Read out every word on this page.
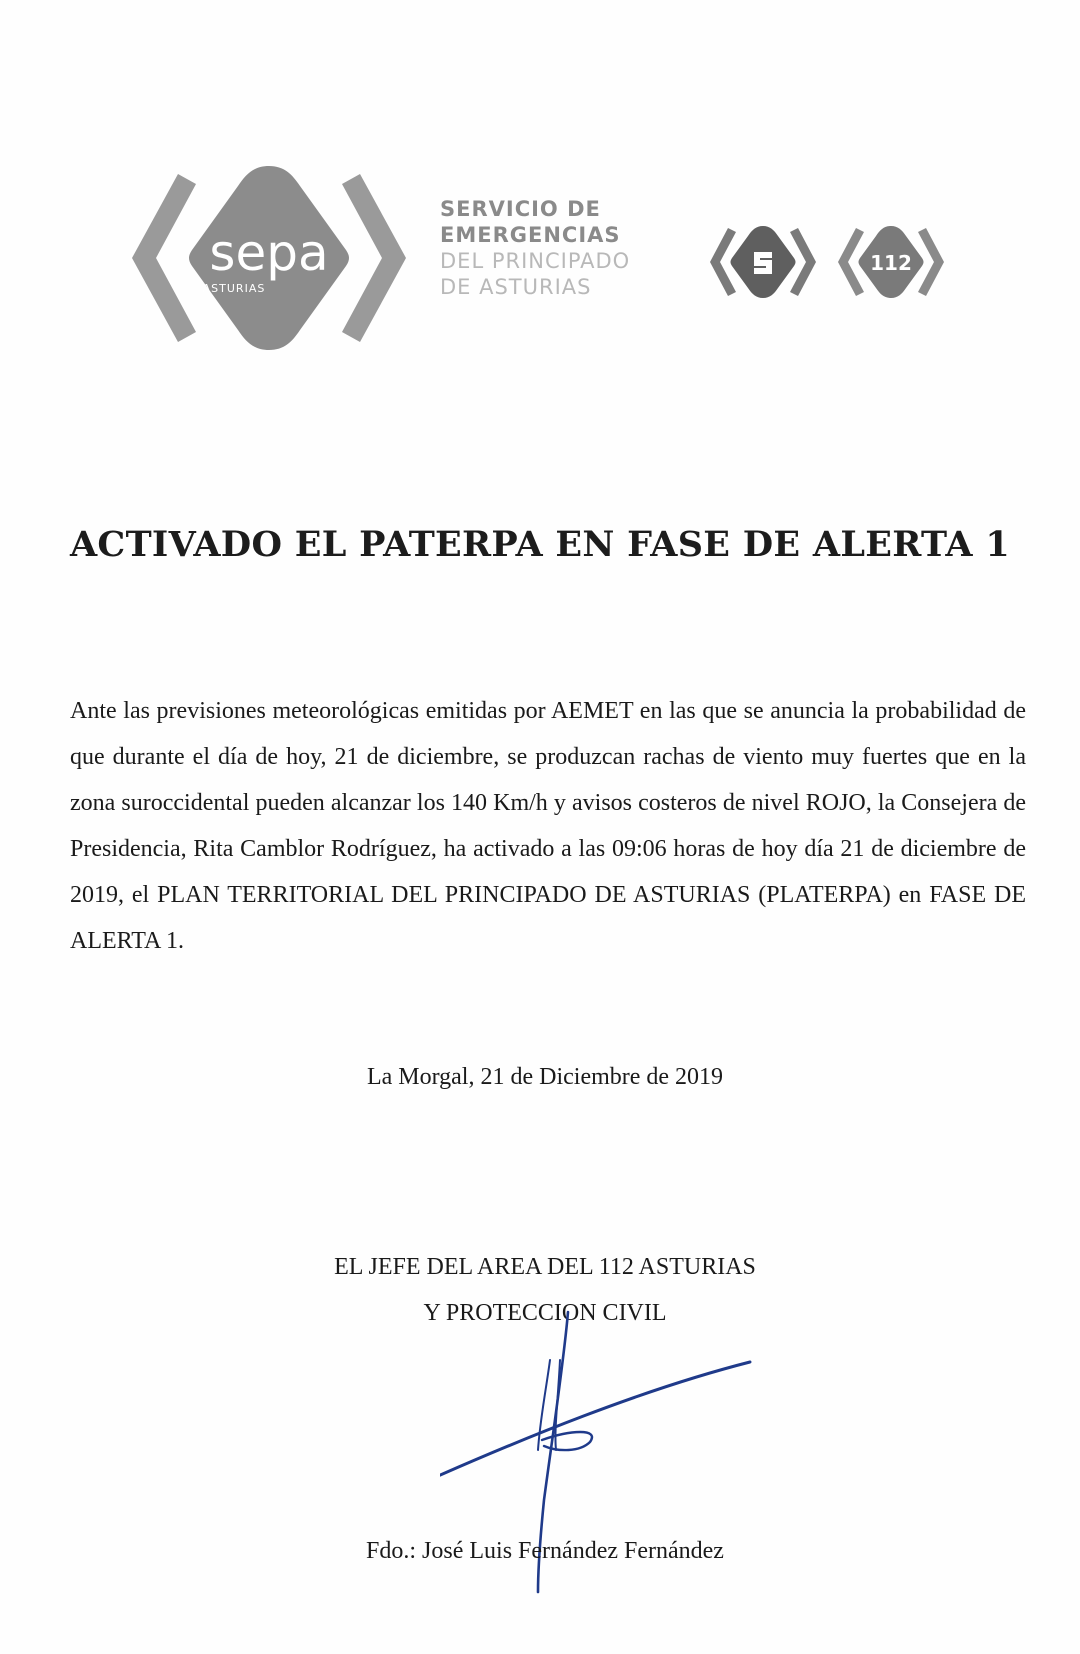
sepa
ASTURIAS
SERVICIO DE
EMERGENCIAS
DEL PRINCIPADO
DE ASTURIAS
112
ACTIVADO EL PATERPA EN FASE DE ALERTA 1
Ante las previsiones meteorológicas emitidas por AEMET en las que se anuncia la probabilidad de que durante el día de hoy, 21 de diciembre, se produzcan rachas de viento muy fuertes que en la zona suroccidental pueden alcanzar los 140 Km/h y avisos costeros de nivel ROJO, la Consejera de Presidencia, Rita Camblor Rodríguez, ha activado a las 09:06 horas de hoy día 21 de diciembre de 2019, el PLAN TERRITORIAL DEL PRINCIPADO DE ASTURIAS (PLATERPA) en FASE DE ALERTA 1.
La Morgal, 21 de Diciembre de 2019
EL JEFE DEL AREA DEL 112 ASTURIAS
Y PROTECCION CIVIL
Fdo.: José Luis Fernández Fernández
